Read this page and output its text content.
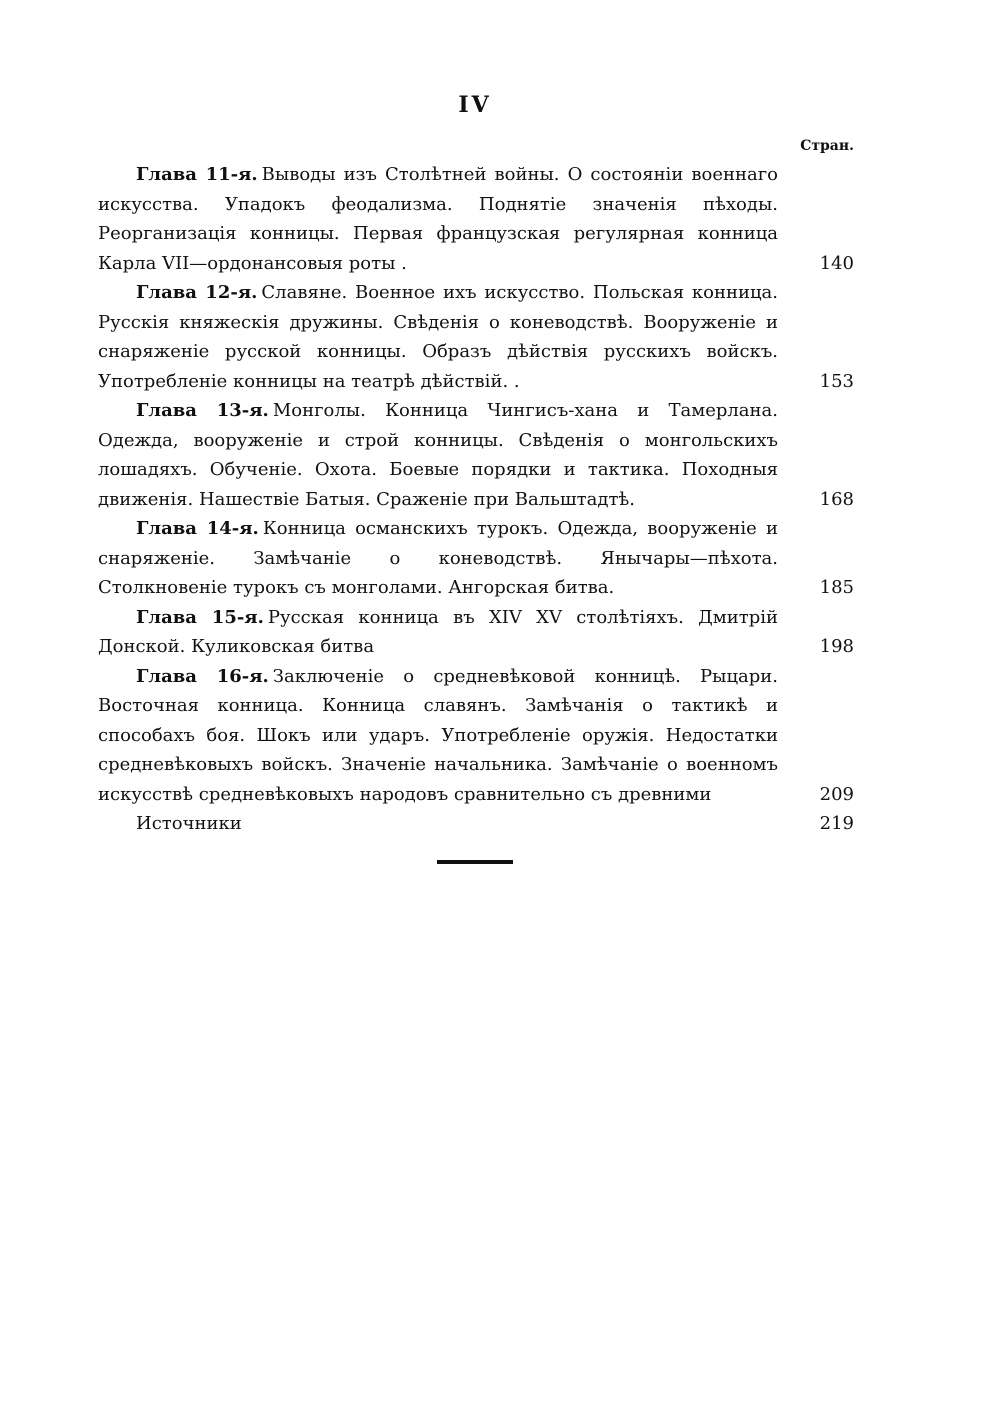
IV
Стран.
Глава 11-я. Выводы изъ Столѣтней войны. О состояніи военнаго искусства. Упадокъ феодализма. Поднятіе значенія пѣходы. Реорганизація конницы. Первая французская регулярная конница Карла VII—ордонансовыя роты .	140
Глава 12-я. Славяне. Военное ихъ искусство. Польская конница. Русскія княжескія дружины. Свѣденія о коневодствѣ. Вооруженіе и снаряженіе русской конницы. Образъ дѣйствія русскихъ войскъ. Употребленіе конницы на театрѣ дѣйствій. .	153
Глава 13-я. Монголы. Конница Чингисъ-хана и Тамерлана. Одежда, вооруженіе и строй конницы. Свѣденія о монгольскихъ лошадяхъ. Обученіе. Охота. Боевые порядки и тактика. Походныя движенія. Нашествіе Батыя. Сраженіе при Вальштадтѣ.	168
Глава 14-я. Конница османскихъ турокъ. Одежда, вооруженіе и снаряженіе. Замѣчаніе о коневодствѣ. Янычары—пѣхота. Столкновеніе турокъ съ монголами. Ангорская битва.	185
Глава 15-я. Русская конница въ XIV XV столѣтіяхъ. Дмитрій Донской. Куликовская битва	198
Глава 16-я. Заключеніе о средневѣковой конницѣ. Рыцари. Восточная конница. Конница славянъ. Замѣчанія о тактикѣ и способахъ боя. Шокъ или ударъ. Употребленіе оружія. Недостатки средневѣковыхъ войскъ. Значеніе начальника. Замѣчаніе о военномъ искусствѣ средневѣковыхъ народовъ сравнительно съ древними	209
Источники	219
